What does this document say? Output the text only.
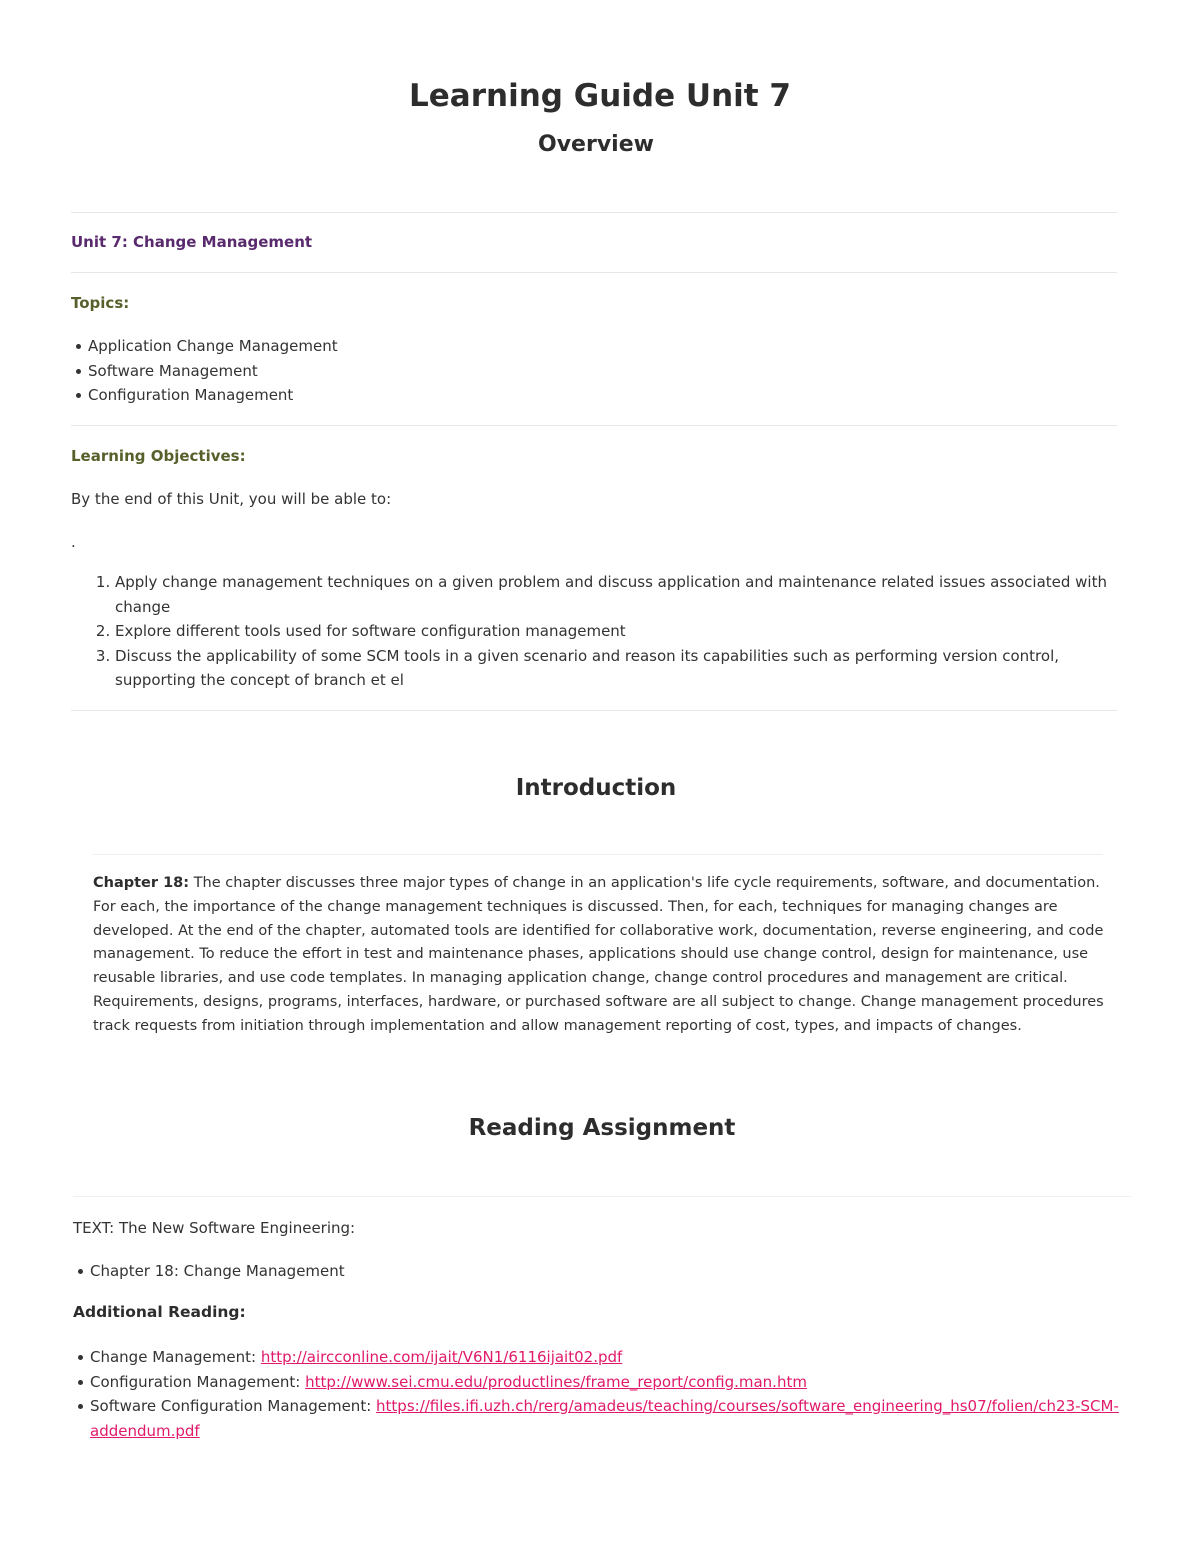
Learning Guide Unit 7
Overview
Unit 7: Change Management
Topics:
Application Change Management
Software Management
Configuration Management
Learning Objectives:
By the end of this Unit, you will be able to:
.
1. Apply change management techniques on a given problem and discuss application and maintenance related issues associated with change
2. Explore different tools used for software configuration management
3. Discuss the applicability of some SCM tools in a given scenario and reason its capabilities such as performing version control, supporting the concept of branch et el
Introduction
Chapter 18: The chapter discusses three major types of change in an application's life cycle requirements, software, and documentation. For each, the importance of the change management techniques is discussed. Then, for each, techniques for managing changes are developed. At the end of the chapter, automated tools are identified for collaborative work, documentation, reverse engineering, and code management. To reduce the effort in test and maintenance phases, applications should use change control, design for maintenance, use reusable libraries, and use code templates. In managing application change, change control procedures and management are critical. Requirements, designs, programs, interfaces, hardware, or purchased software are all subject to change. Change management procedures track requests from initiation through implementation and allow management reporting of cost, types, and impacts of changes.
Reading Assignment
TEXT: The New Software Engineering:
Chapter 18: Change Management
Additional Reading:
Change Management: http://aircconline.com/ijait/V6N1/6116ijait02.pdf
Configuration Management: http://www.sei.cmu.edu/productlines/frame_report/config.man.htm
Software Configuration Management: https://files.ifi.uzh.ch/rerg/amadeus/teaching/courses/software_engineering_hs07/folien/ch23-SCM-addendum.pdf
